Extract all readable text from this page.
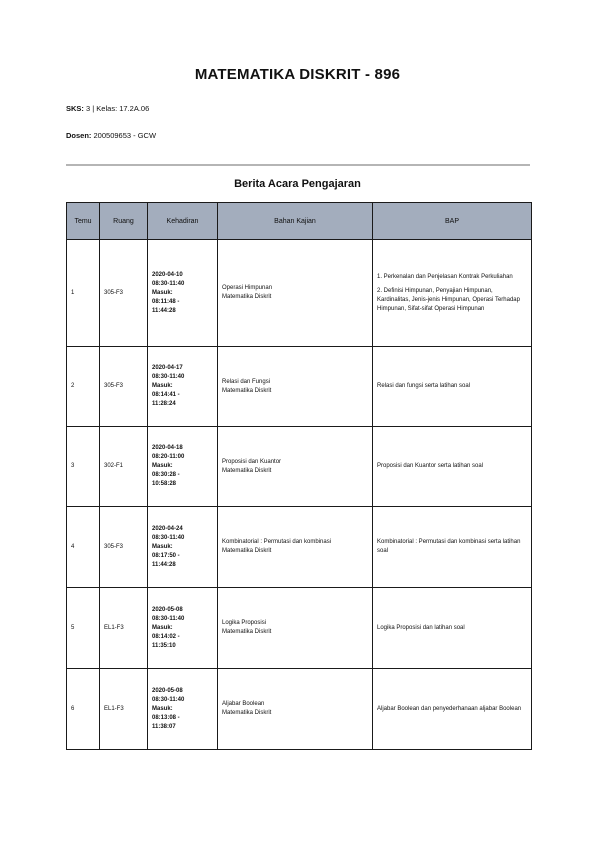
MATEMATIKA DISKRIT - 896
SKS: 3 | Kelas: 17.2A.06
Dosen: 200509653 - GCW
Berita Acara Pengajaran
Temu	Ruang	Kehadiran	Bahan Kajian	BAP
1	305-F3	2020-04-10
08:30-11:40
Masuk:
08:11:48 -
11:44:28	Operasi Himpunan
Matematika Diskrit	1. Perkenalan dan Penjelasan Kontrak Perkuliahan
2. Definisi Himpunan, Penyajian Himpunan, Kardinalitas, Jenis-jenis Himpunan, Operasi Terhadap Himpunan, Sifat-sifat Operasi Himpunan

2	305-F3	2020-04-17
08:30-11:40
Masuk:
08:14:41 -
11:28:24	Relasi dan Fungsi
Matematika Diskrit	Relasi dan fungsi serta latihan soal

3	302-F1	2020-04-18
08:20-11:00
Masuk:
08:30:28 -
10:58:28	Proposisi dan Kuantor
Matematika Diskrit	Proposisi dan Kuantor serta latihan soal

4	305-F3	2020-04-24
08:30-11:40
Masuk:
08:17:50 -
11:44:28	Kombinatorial : Permutasi dan kombinasi
Matematika Diskrit	Kombinatorial : Permutasi dan kombinasi serta latihan soal

5	EL1-F3	2020-05-08
08:30-11:40
Masuk:
08:14:02 -
11:35:10	Logika Proposisi
Matematika Diskrit	Logika Proposisi dan latihan soal

6	EL1-F3	2020-05-08
08:30-11:40
Masuk:
08:13:08 -
11:38:07	Aljabar Boolean
Matematika Diskrit	Aljabar Boolean dan penyederhanaan aljabar Boolean
